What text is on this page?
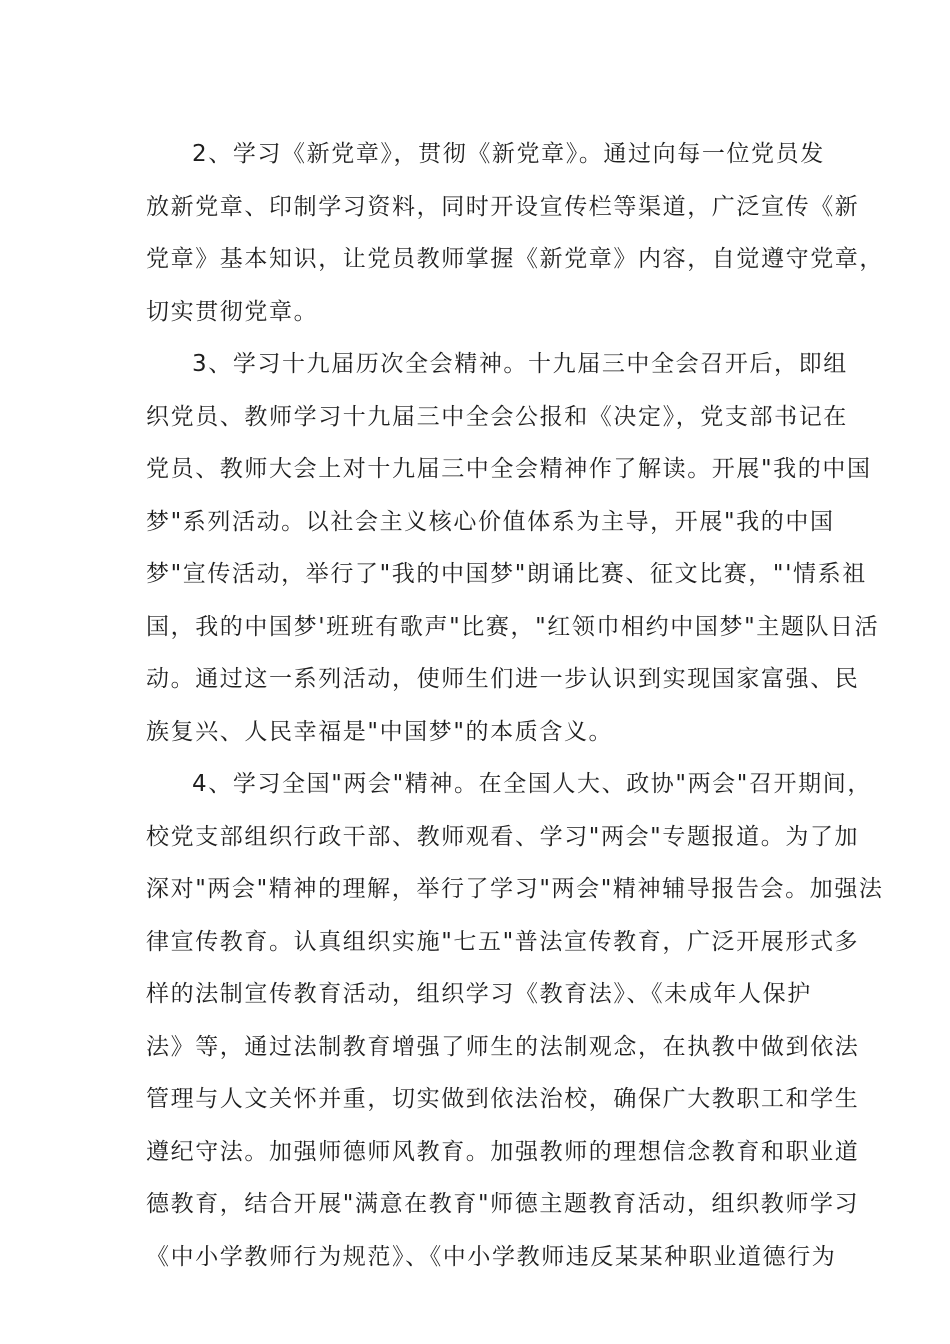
2、学习《新党章》，贯彻《新党章》。通过向每一位党员发
放新党章、印制学习资料，同时开设宣传栏等渠道，广泛宣传《新
党章》基本知识，让党员教师掌握《新党章》内容，自觉遵守党章，
切实贯彻党章。
3、学习十九届历次全会精神。十九届三中全会召开后，即组
织党员、教师学习十九届三中全会公报和《决定》，党支部书记在
党员、教师大会上对十九届三中全会精神作了解读。开展"我的中国
梦"系列活动。以社会主义核心价值体系为主导，开展"我的中国
梦"宣传活动，举行了"我的中国梦"朗诵比赛、征文比赛，"'情系祖
国，我的中国梦'班班有歌声"比赛，"红领巾相约中国梦"主题队日活
动。通过这一系列活动，使师生们进一步认识到实现国家富强、民
族复兴、人民幸福是"中国梦"的本质含义。
4、学习全国"两会"精神。在全国人大、政协"两会"召开期间，
校党支部组织行政干部、教师观看、学习"两会"专题报道。为了加
深对"两会"精神的理解，举行了学习"两会"精神辅导报告会。加强法
律宣传教育。认真组织实施"七五"普法宣传教育，广泛开展形式多
样的法制宣传教育活动，组织学习《教育法》、《未成年人保护
法》等，通过法制教育增强了师生的法制观念，在执教中做到依法
管理与人文关怀并重，切实做到依法治校，确保广大教职工和学生
遵纪守法。加强师德师风教育。加强教师的理想信念教育和职业道
德教育，结合开展"满意在教育"师德主题教育活动，组织教师学习
《中小学教师行为规范》、《中小学教师违反某某种职业道德行为
